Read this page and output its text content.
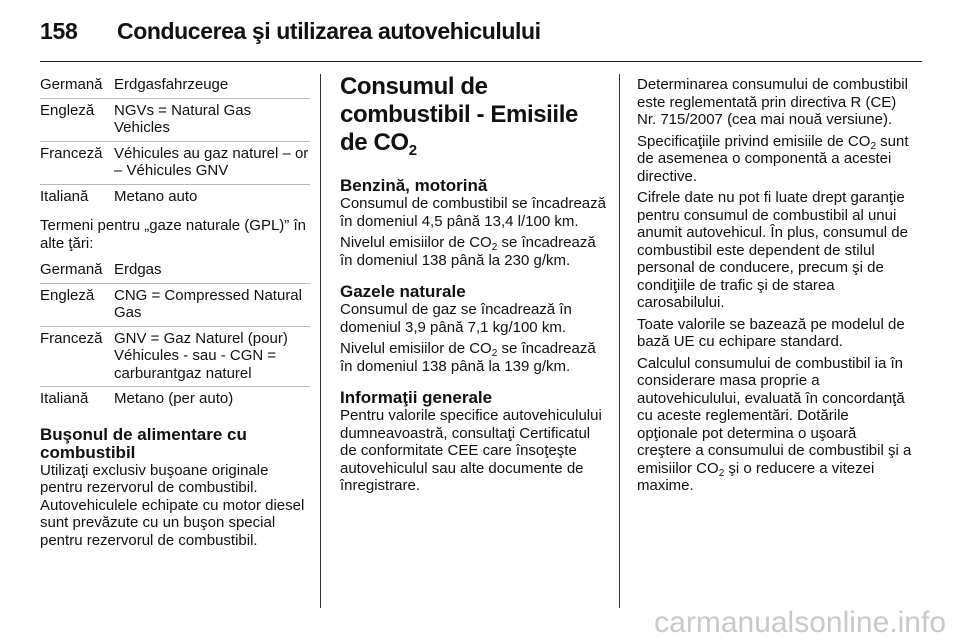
158 Conducerea şi utilizarea autovehiculului
Germană Erdgasfahrzeuge
Engleză	NGVs = Natural Gas Vehicles
Franceză Véhicules au gaz naturel – or – Véhicules GNV
Italiană	Metano auto

Termeni pentru „gaze naturale (GPL)” în alte ţări:

Germană Erdgas
Engleză	CNG = Compressed Natural Gas
Franceză GNV = Gaz Naturel (pour) Véhicules - sau - CGN = carburantgaz naturel
Italiană	Metano (per auto)

Buşonul de alimentare cu combustibil

Utilizaţi exclusiv buşoane originale pentru rezervorul de combustibil. Autovehiculele echipate cu motor diesel sunt prevăzute cu un buşon special pentru rezervorul de combustibil.

Consumul de combustibil - Emisiile de $CO_2$

Benzină, motorină

Consumul de combustibil se încadrează în domeniul 4,5 până 13,4 l/100 km.

Nivelul emisiilor de $CO_2$ se încadrează în domeniul 138 până la 230 g/km.

Gazele naturale

Consumul de gaz se încadrează în domeniul 3,9 până 7,1 kg/100 km.

Nivelul emisiilor de $CO_2$ se încadrează în domeniul 138 până la 139 g/km.

Informaţii generale

Pentru valorile specifice autovehiculului dumneavoastră, consultaţi Certificatul de conformitate CEE care însoţeşte autovehiculul sau alte documente de înregistrare.

Determinarea consumului de combustibil este reglementată prin directiva R (CE) Nr. 715/2007 (cea mai nouă versiune).

Specificaţiile privind emisiile de $CO_2$ sunt de asemenea o componentă a acestei directive.

Cifrele date nu pot fi luate drept garanţie pentru consumul de combustibil al unui anumit autovehicul. În plus, consumul de combustibil este dependent de stilul personal de conducere, precum şi de condiţiile de trafic şi de starea carosabilului.

Toate valorile se bazează pe modelul de bază UE cu echipare standard.

Calculul consumului de combustibil ia în considerare masa proprie a autovehiculului, evaluată în concordanţă cu aceste reglementări. Dotările opţionale pot determina o uşoară creştere a consumului de combustibil şi a emisiilor $CO_2$ şi o reducere a vitezei maxime.

carmanualsonline.info
